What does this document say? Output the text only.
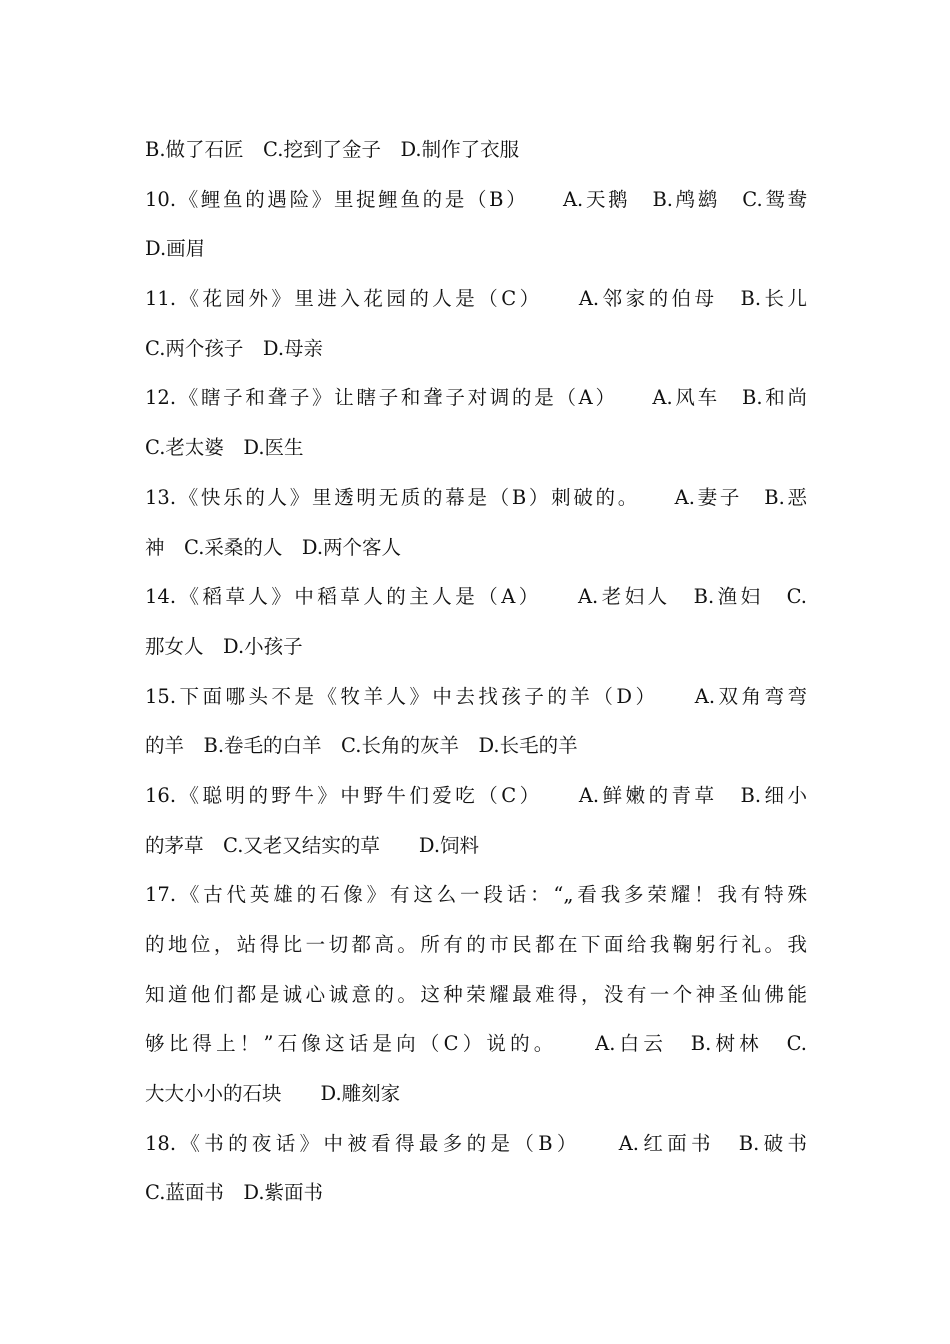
B.做了石匠　C.挖到了金子　D.制作了衣服
10.《鲤鱼的遇险》里捉鲤鱼的是（B）　　A.天鹅　B.鸬鹚　C.鸳鸯
D.画眉
11.《花园外》里进入花园的人是（C）　　A.邻家的伯母　B.长儿
C.两个孩子　D.母亲
12.《瞎子和聋子》让瞎子和聋子对调的是（A）　　A.风车　B.和尚
C.老太婆　D.医生
13.《快乐的人》里透明无质的幕是（B）刺破的。　　A.妻子　B.恶
神　C.采桑的人　D.两个客人
14.《稻草人》中稻草人的主人是（A）　　A.老妇人　B.渔妇　C.
那女人　D.小孩子
15.下面哪头不是《牧羊人》中去找孩子的羊（D）　　A.双角弯弯
的羊　B.卷毛的白羊　C.长角的灰羊　D.长毛的羊
16.《聪明的野牛》中野牛们爱吃（C）　　A.鲜嫩的青草　B.细小
的茅草　C.又老又结实的草　　D.饲料
17.《古代英雄的石像》有这么一段话：“„看我多荣耀！我有特殊
的地位，站得比一切都高。所有的市民都在下面给我鞠躬行礼。我
知道他们都是诚心诚意的。这种荣耀最难得，没有一个神圣仙佛能
够比得上！”石像这话是向（C）说的。　　A.白云　B.树林　C.
大大小小的石块　　D.雕刻家
18.《书的夜话》中被看得最多的是（B）　　A.红面书　B.破书
C.蓝面书　D.紫面书
